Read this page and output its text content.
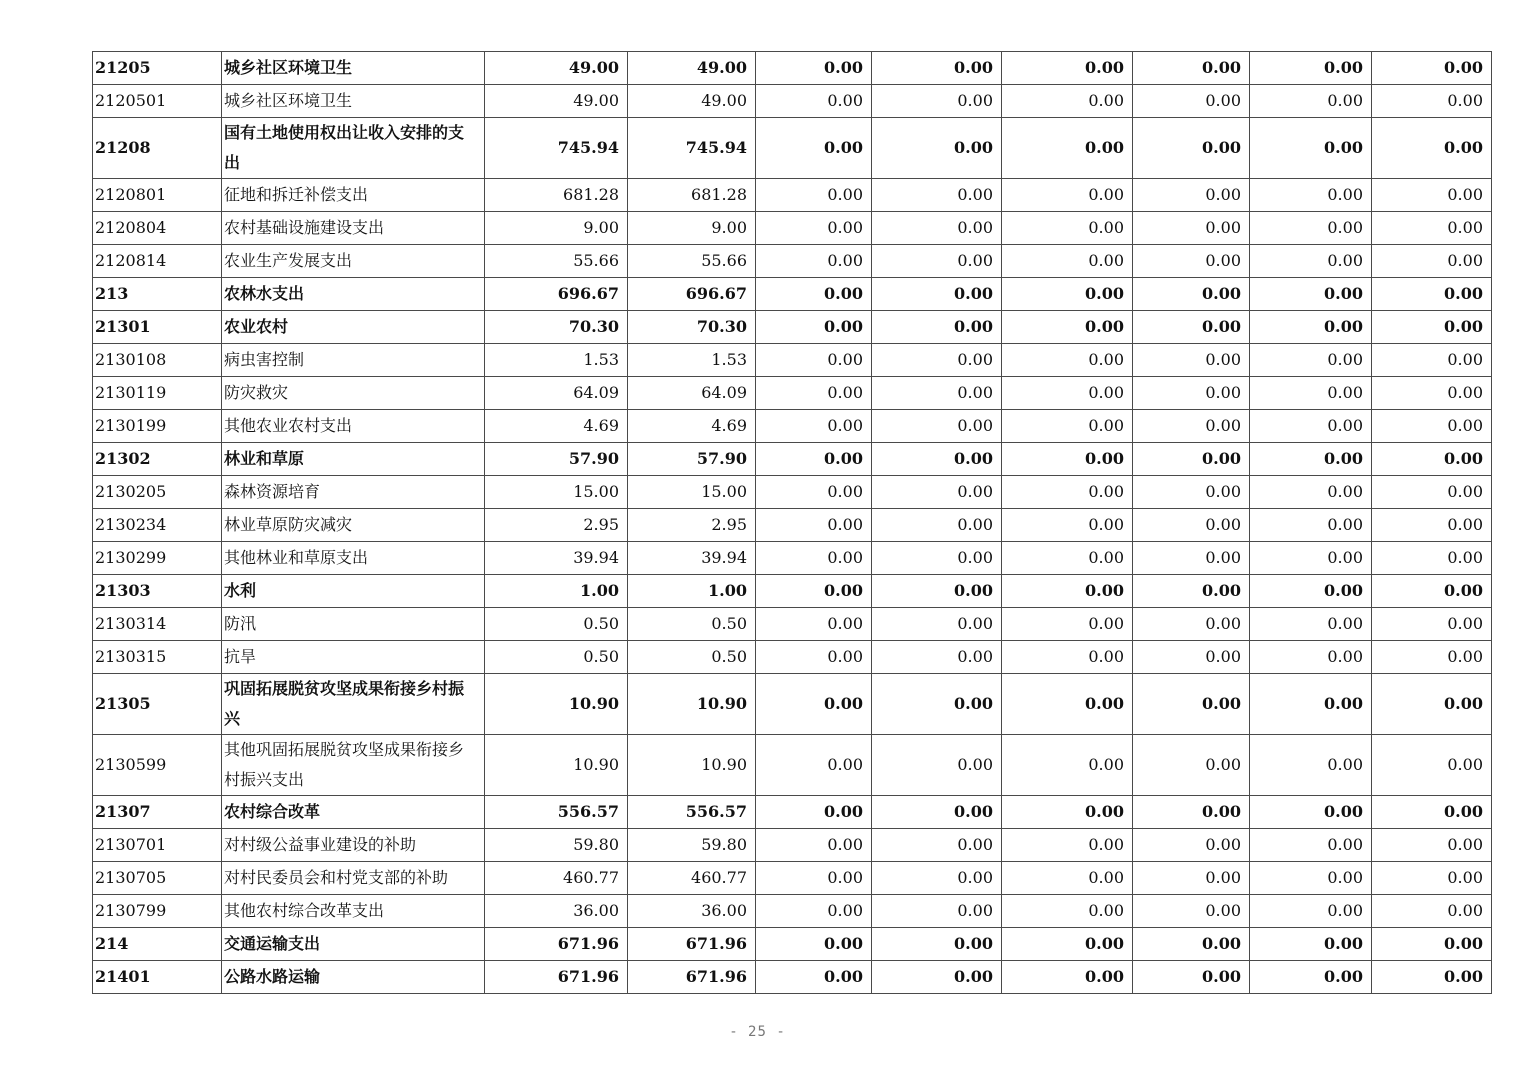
21205	城乡社区环境卫生	49.00	49.00	0.00	0.00	0.00	0.00	0.00	0.00
2120501	城乡社区环境卫生	49.00	49.00	0.00	0.00	0.00	0.00	0.00	0.00
21208	国有土地使用权出让收入安排的支出	745.94	745.94	0.00	0.00	0.00	0.00	0.00	0.00
2120801	征地和拆迁补偿支出	681.28	681.28	0.00	0.00	0.00	0.00	0.00	0.00
2120804	农村基础设施建设支出	9.00	9.00	0.00	0.00	0.00	0.00	0.00	0.00
2120814	农业生产发展支出	55.66	55.66	0.00	0.00	0.00	0.00	0.00	0.00
213	农林水支出	696.67	696.67	0.00	0.00	0.00	0.00	0.00	0.00
21301	农业农村	70.30	70.30	0.00	0.00	0.00	0.00	0.00	0.00
2130108	病虫害控制	1.53	1.53	0.00	0.00	0.00	0.00	0.00	0.00
2130119	防灾救灾	64.09	64.09	0.00	0.00	0.00	0.00	0.00	0.00
2130199	其他农业农村支出	4.69	4.69	0.00	0.00	0.00	0.00	0.00	0.00
21302	林业和草原	57.90	57.90	0.00	0.00	0.00	0.00	0.00	0.00
2130205	森林资源培育	15.00	15.00	0.00	0.00	0.00	0.00	0.00	0.00
2130234	林业草原防灾减灾	2.95	2.95	0.00	0.00	0.00	0.00	0.00	0.00
2130299	其他林业和草原支出	39.94	39.94	0.00	0.00	0.00	0.00	0.00	0.00
21303	水利	1.00	1.00	0.00	0.00	0.00	0.00	0.00	0.00
2130314	防汛	0.50	0.50	0.00	0.00	0.00	0.00	0.00	0.00
2130315	抗旱	0.50	0.50	0.00	0.00	0.00	0.00	0.00	0.00
21305	巩固拓展脱贫攻坚成果衔接乡村振兴	10.90	10.90	0.00	0.00	0.00	0.00	0.00	0.00
2130599	其他巩固拓展脱贫攻坚成果衔接乡村振兴支出	10.90	10.90	0.00	0.00	0.00	0.00	0.00	0.00
21307	农村综合改革	556.57	556.57	0.00	0.00	0.00	0.00	0.00	0.00
2130701	对村级公益事业建设的补助	59.80	59.80	0.00	0.00	0.00	0.00	0.00	0.00
2130705	对村民委员会和村党支部的补助	460.77	460.77	0.00	0.00	0.00	0.00	0.00	0.00
2130799	其他农村综合改革支出	36.00	36.00	0.00	0.00	0.00	0.00	0.00	0.00
214	交通运输支出	671.96	671.96	0.00	0.00	0.00	0.00	0.00	0.00
21401	公路水路运输	671.96	671.96	0.00	0.00	0.00	0.00	0.00	0.00
- 25 -
